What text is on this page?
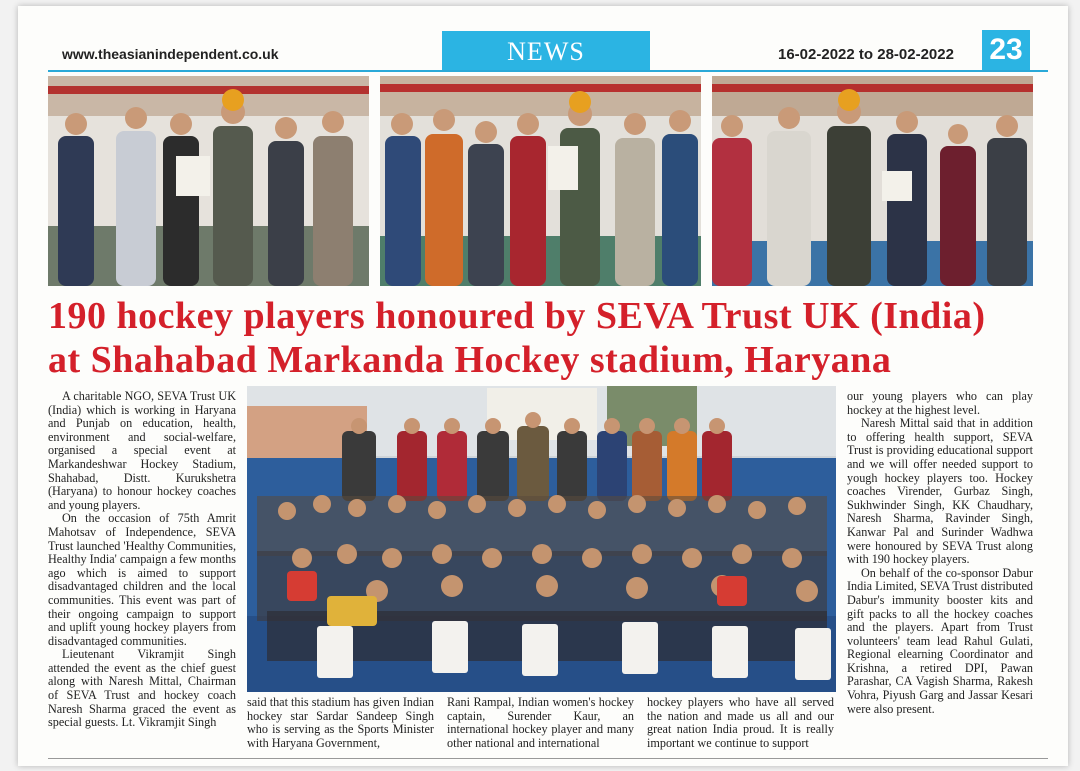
www.theasianindependent.co.uk	NEWS	16-02-2022 to 28-02-2022 23
190 hockey players honoured by SEVA Trust UK (India)
at Shahabad Markanda Hockey stadium, Haryana

A charitable NGO, SEVA Trust UK (India) which is working in Haryana and Punjab on education, health, environment and social-welfare, organised a special event at Markandeshwar Hockey Stadium, Shahabad, Distt. Kurukshetra (Haryana) to honour hockey coaches and young players.

On the occasion of 75th Amrit Mahotsav of Independence, SEVA Trust launched 'Healthy Communities, Healthy India' campaign a few months ago which is aimed to support disadvantaged children and the local communities. This event was part of their ongoing campaign to support and uplift young hockey players from disadvantaged communities.

Lieutenant Vikramjit Singh attended the event as the chief guest along with Naresh Mittal, Chairman of SEVA Trust and hockey coach Naresh Sharma graced the event as special guests. Lt. Vikramjit Singh

said that this stadium has given Indian hockey star Sardar Sandeep Singh who is serving as the Sports Minister with Haryana Government,

Rani Rampal, Indian women's hockey captain, Surender Kaur, an international hockey player and many other national and international

hockey players who have all served the nation and made us all and our great nation India proud. It is really important we continue to support

our young players who can play hockey at the highest level.

Naresh Mittal said that in addition to offering health support, SEVA Trust is providing educational support and we will offer needed support to yough hockey players too. Hockey coaches Virender, Gurbaz Singh, Sukhwinder Singh, KK Chaudhary, Naresh Sharma, Ravinder Singh, Kanwar Pal and Surinder Wadhwa were honoured by SEVA Trust along with 190 hockey players.

On behalf of the co-sponsor Dabur India Limited, SEVA Trust distributed Dabur's immunity booster kits and gift packs to all the hockey coaches and the players. Apart from Trust volunteers' team lead Rahul Gulati, Regional elearning Coordinator and Krishna, a retired DPI, Pawan Parashar, CA Vagish Sharma, Rakesh Vohra, Piyush Garg and Jassar Kesari were also present.
